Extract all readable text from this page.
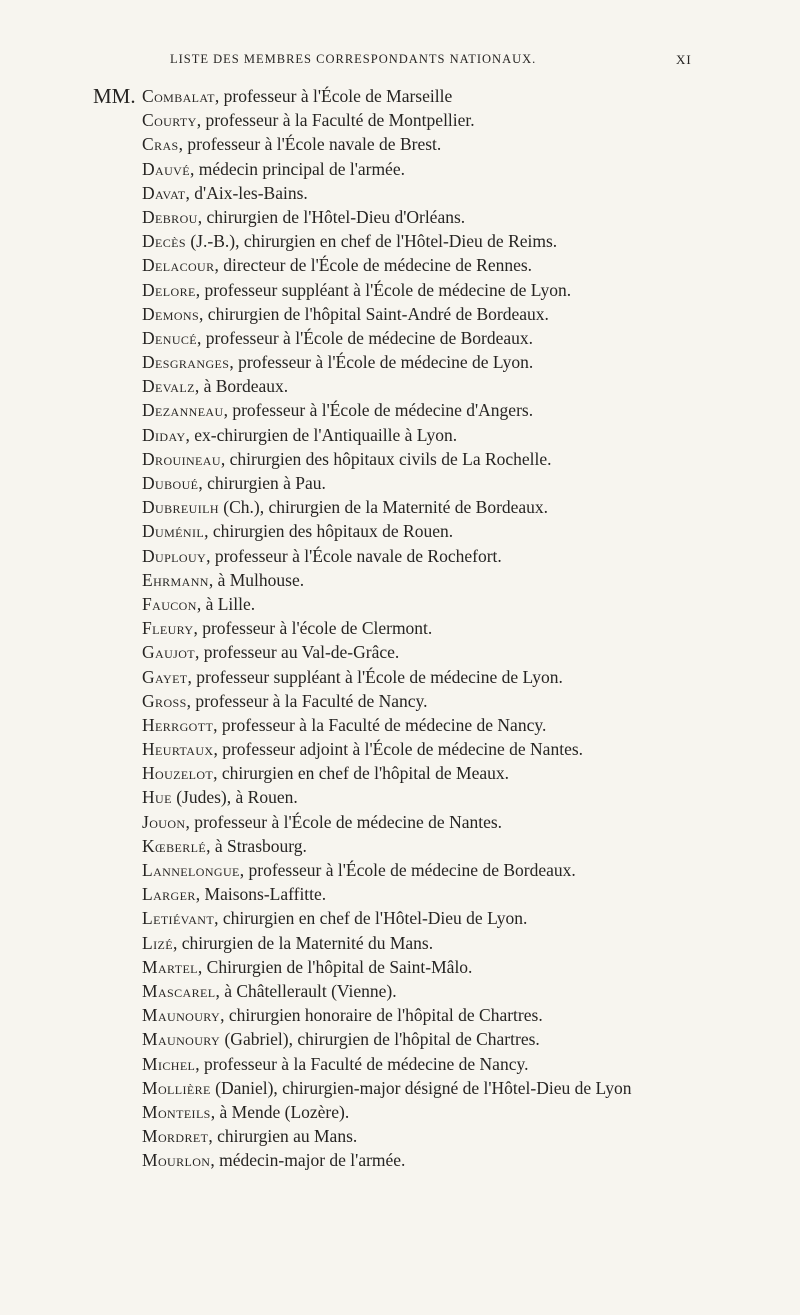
LISTE DES MEMBRES CORRESPONDANTS NATIONAUX.	XI
MM. Combalat, professeur à l'École de Marseille
Courty, professeur à la Faculté de Montpellier.
Cras, professeur à l'École navale de Brest.
Dauvé, médecin principal de l'armée.
Davat, d'Aix-les-Bains.
Debrou, chirurgien de l'Hôtel-Dieu d'Orléans.
Decès (J.-B.), chirurgien en chef de l'Hôtel-Dieu de Reims.
Delacour, directeur de l'École de médecine de Rennes.
Delore, professeur suppléant à l'École de médecine de Lyon.
Demons, chirurgien de l'hôpital Saint-André de Bordeaux.
Denucé, professeur à l'École de médecine de Bordeaux.
Desgranges, professeur à l'École de médecine de Lyon.
Devalz, à Bordeaux.
Dezanneau, professeur à l'École de médecine d'Angers.
Diday, ex-chirurgien de l'Antiquaille à Lyon.
Drouineau, chirurgien des hôpitaux civils de La Rochelle.
Duboué, chirurgien à Pau.
Dubreuilh (Ch.), chirurgien de la Maternité de Bordeaux.
Duménil, chirurgien des hôpitaux de Rouen.
Duplouy, professeur à l'École navale de Rochefort.
Ehrmann, à Mulhouse.
Faucon, à Lille.
Fleury, professeur à l'école de Clermont.
Gaujot, professeur au Val-de-Grâce.
Gayet, professeur suppléant à l'École de médecine de Lyon.
Gross, professeur à la Faculté de Nancy.
Herrgott, professeur à la Faculté de médecine de Nancy.
Heurtaux, professeur adjoint à l'École de médecine de Nantes.
Houzelot, chirurgien en chef de l'hôpital de Meaux.
Hue (Judes), à Rouen.
Jouon, professeur à l'École de médecine de Nantes.
Kœberlé, à Strasbourg.
Lannelongue, professeur à l'École de médecine de Bordeaux.
Larger, Maisons-Laffitte.
Letiévant, chirurgien en chef de l'Hôtel-Dieu de Lyon.
Lizé, chirurgien de la Maternité du Mans.
Martel, Chirurgien de l'hôpital de Saint-Mâlo.
Mascarel, à Châtellerault (Vienne).
Maunoury, chirurgien honoraire de l'hôpital de Chartres.
Maunoury (Gabriel), chirurgien de l'hôpital de Chartres.
Michel, professeur à la Faculté de médecine de Nancy.
Mollière (Daniel), chirurgien-major désigné de l'Hôtel-Dieu de Lyon
Monteils, à Mende (Lozère).
Mordret, chirurgien au Mans.
Mourlon, médecin-major de l'armée.
